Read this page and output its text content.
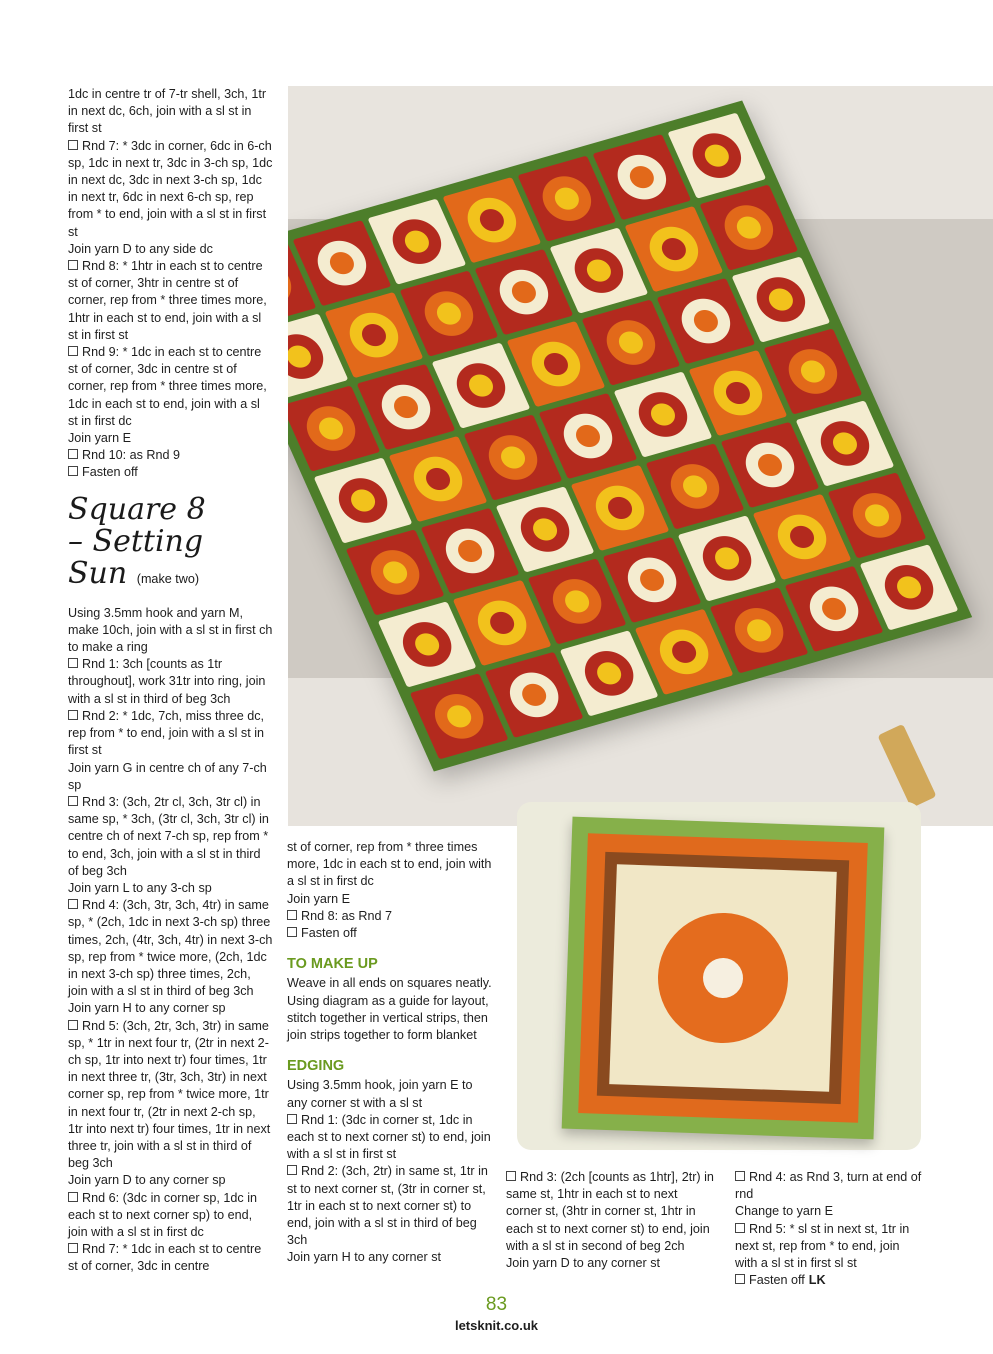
1dc in centre tr of 7-tr shell, 3ch, 1tr in next dc, 6ch, join with a sl st in first st

Rnd 7: * 3dc in corner, 6dc in 6-ch sp, 1dc in next tr, 3dc in 3-ch sp, 1dc in next dc, 3dc in next 3-ch sp, 1dc in next tr, 6dc in next 6-ch sp, rep from * to end, join with a sl st in first st

Join yarn D to any side dc

Rnd 8: * 1htr in each st to centre st of corner, 3htr in centre st of corner, rep from * three times more, 1htr in each st to end, join with a sl st in first st

Rnd 9: * 1dc in each st to centre st of corner, 3dc in centre st of corner, rep from * three times more, 1dc in each st to end, join with a sl st in first dc

Join yarn E

Rnd 10: as Rnd 9

Fasten off

Square 8
– Setting
Sun (make two)

Using 3.5mm hook and yarn M, make 10ch, join with a sl st in first ch to make a ring

Rnd 1: 3ch [counts as 1tr throughout], work 31tr into ring, join with a sl st in third of beg 3ch

Rnd 2: * 1dc, 7ch, miss three dc, rep from * to end, join with a sl st in first st

Join yarn G in centre ch of any 7-ch sp

Rnd 3: (3ch, 2tr cl, 3ch, 3tr cl) in same sp, * 3ch, (3tr cl, 3ch, 3tr cl) in centre ch of next 7-ch sp, rep from * to end, 3ch, join with a sl st in third of beg 3ch

Join yarn L to any 3-ch sp

Rnd 4: (3ch, 3tr, 3ch, 4tr) in same sp, * (2ch, 1dc in next 3-ch sp) three times, 2ch, (4tr, 3ch, 4tr) in next 3-ch sp, rep from * twice more, (2ch, 1dc in next 3-ch sp) three times, 2ch, join with a sl st in third of beg 3ch

Join yarn H to any corner sp

Rnd 5: (3ch, 2tr, 3ch, 3tr) in same sp, * 1tr in next four tr, (2tr in next 2-ch sp, 1tr into next tr) four times, 1tr in next three tr, (3tr, 3ch, 3tr) in next corner sp, rep from * twice more, 1tr in next four tr, (2tr in next 2-ch sp, 1tr into next tr) four times, 1tr in next three tr, join with a sl st in third of beg 3ch

Join yarn D to any corner sp

Rnd 6: (3dc in corner sp, 1dc in each st to next corner sp) to end, join with a sl st in first dc

Rnd 7: * 1dc in each st to centre st of corner, 3dc in centre

st of corner, rep from * three times more, 1dc in each st to end, join with a sl st in first dc

Join yarn E

Rnd 8: as Rnd 7

Fasten off

TO MAKE UP

Weave in all ends on squares neatly. Using diagram as a guide for layout, stitch together in vertical strips, then join strips together to form blanket

EDGING

Using 3.5mm hook, join yarn E to any corner st with a sl st

Rnd 1: (3dc in corner st, 1dc in each st to next corner st) to end, join with a sl st in first st

Rnd 2: (3ch, 2tr) in same st, 1tr in st to next corner st, (3tr in corner st, 1tr in each st to next corner st) to end, join with a sl st in third of beg 3ch

Join yarn H to any corner st

Rnd 3: (2ch [counts as 1htr], 2tr) in same st, 1htr in each st to next corner st, (3htr in corner st, 1htr in each st to next corner st) to end, join with a sl st in second of beg 2ch

Join yarn D to any corner st

Rnd 4: as Rnd 3, turn at end of rnd

Change to yarn E

Rnd 5: * sl st in next st, 1tr in next st, rep from * to end, join with a sl st in first sl st

Fasten off LK

83
letsknit.co.uk
